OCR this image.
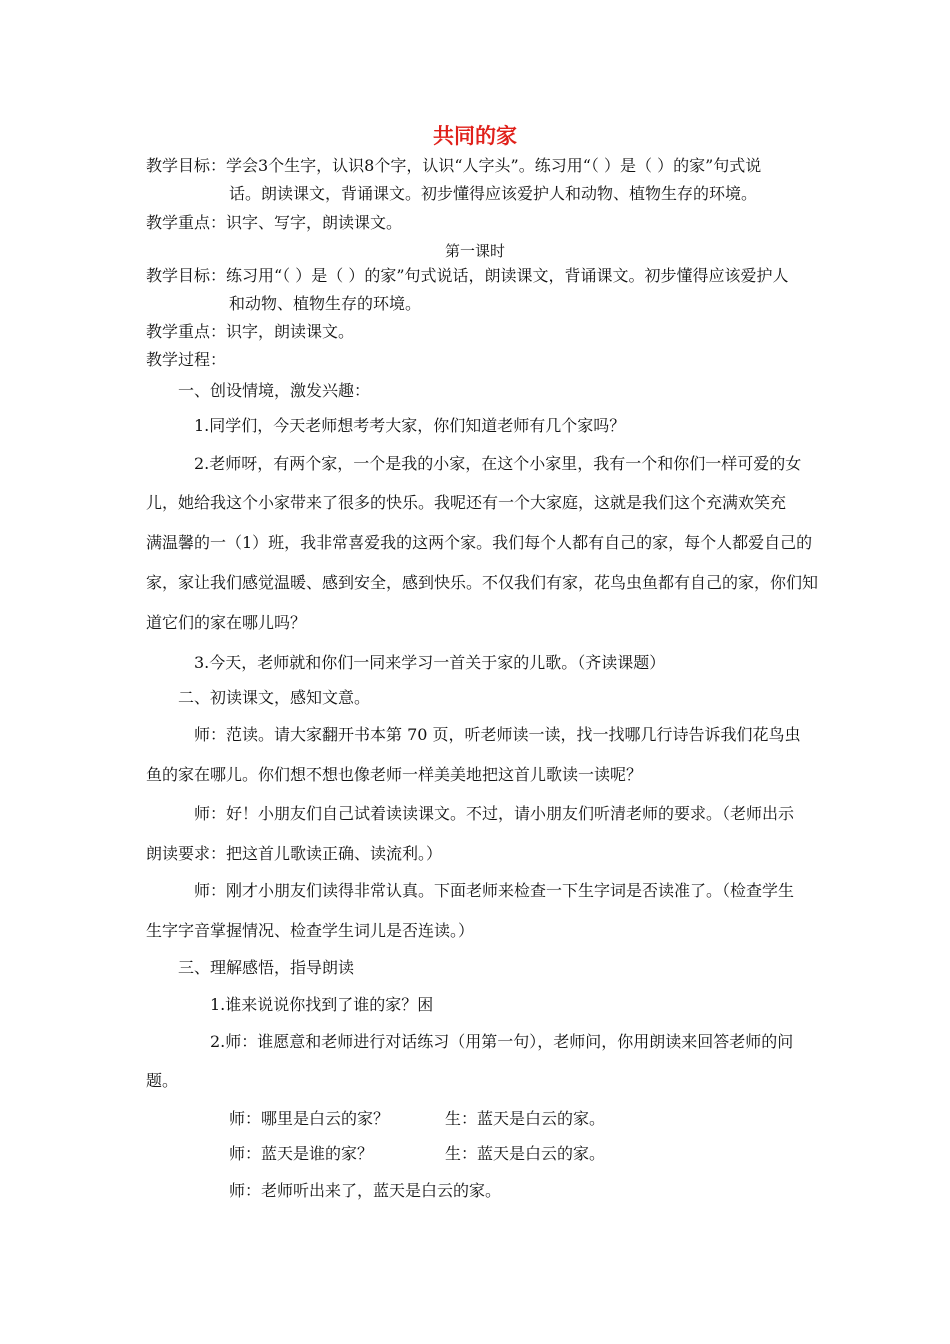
共同的家
教学目标：学会3个生字，认识8个字，认识“人字头”。练习用“（ ）是（ ）的家”句式说
话。朗读课文，背诵课文。初步懂得应该爱护人和动物、植物生存的环境。
教学重点：识字、写字，朗读课文。
第一课时
教学目标：练习用“（ ）是（ ）的家”句式说话，朗读课文，背诵课文。初步懂得应该爱护人
和动物、植物生存的环境。
教学重点：识字，朗读课文。
教学过程：
一、创设情境，激发兴趣：
1.同学们，今天老师想考考大家，你们知道老师有几个家吗？
2.老师呀，有两个家，一个是我的小家，在这个小家里，我有一个和你们一样可爱的女
儿，她给我这个小家带来了很多的快乐。我呢还有一个大家庭，这就是我们这个充满欢笑充
满温馨的一（1）班，我非常喜爱我的这两个家。我们每个人都有自己的家，每个人都爱自己的
家，家让我们感觉温暖、感到安全，感到快乐。不仅我们有家，花鸟虫鱼都有自己的家，你们知
道它们的家在哪儿吗？
3.今天，老师就和你们一同来学习一首关于家的儿歌。（齐读课题）
二、初读课文，感知文意。
师：范读。请大家翻开书本第 70 页，听老师读一读，找一找哪几行诗告诉我们花鸟虫
鱼的家在哪儿。你们想不想也像老师一样美美地把这首儿歌读一读呢？
师：好！小朋友们自己试着读读课文。不过，请小朋友们听清老师的要求。（老师出示
朗读要求：把这首儿歌读正确、读流利。）
师：刚才小朋友们读得非常认真。下面老师来检查一下生字词是否读准了。（检查学生
生字字音掌握情况、检查学生词儿是否连读。）
三、理解感悟，指导朗读
1.谁来说说你找到了谁的家？困
2.师：谁愿意和老师进行对话练习（用第一句），老师问，你用朗读来回答老师的问
题。
师：哪里是白云的家？	生：蓝天是白云的家。
师：蓝天是谁的家？	生：蓝天是白云的家。
师：老师听出来了，蓝天是白云的家。
